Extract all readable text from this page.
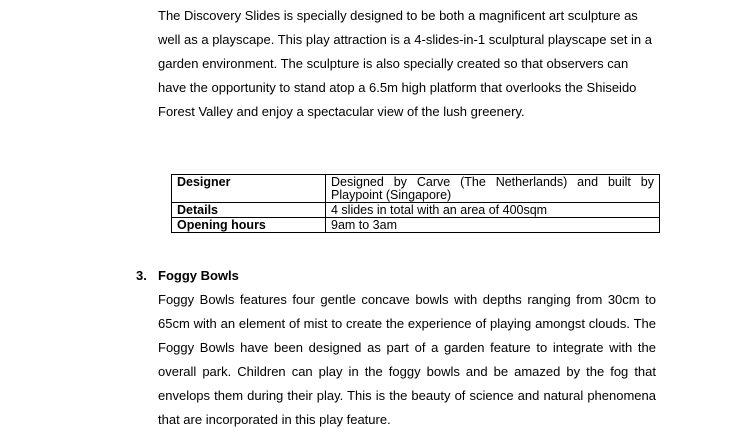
The Discovery Slides is specially designed to be both a magnificent art sculpture as well as a playscape. This play attraction is a 4-slides-in-1 sculptural playscape set in a garden environment. The sculpture is also specially created so that observers can have the opportunity to stand atop a 6.5m high platform that overlooks the Shiseido Forest Valley and enjoy a spectacular view of the lush greenery.

Designer	Designed by Carve (The Netherlands) and built by Playpoint (Singapore)
Details	4 slides in total with an area of 400sqm
Opening hours	9am to 3am
3. Foggy Bowls

Foggy Bowls features four gentle concave bowls with depths ranging from 30cm to 65cm with an element of mist to create the experience of playing amongst clouds. The Foggy Bowls have been designed as part of a garden feature to integrate with the overall park. Children can play in the foggy bowls and be amazed by the fog that envelops them during their play. This is the beauty of science and natural phenomena that are incorporated in this play feature.
